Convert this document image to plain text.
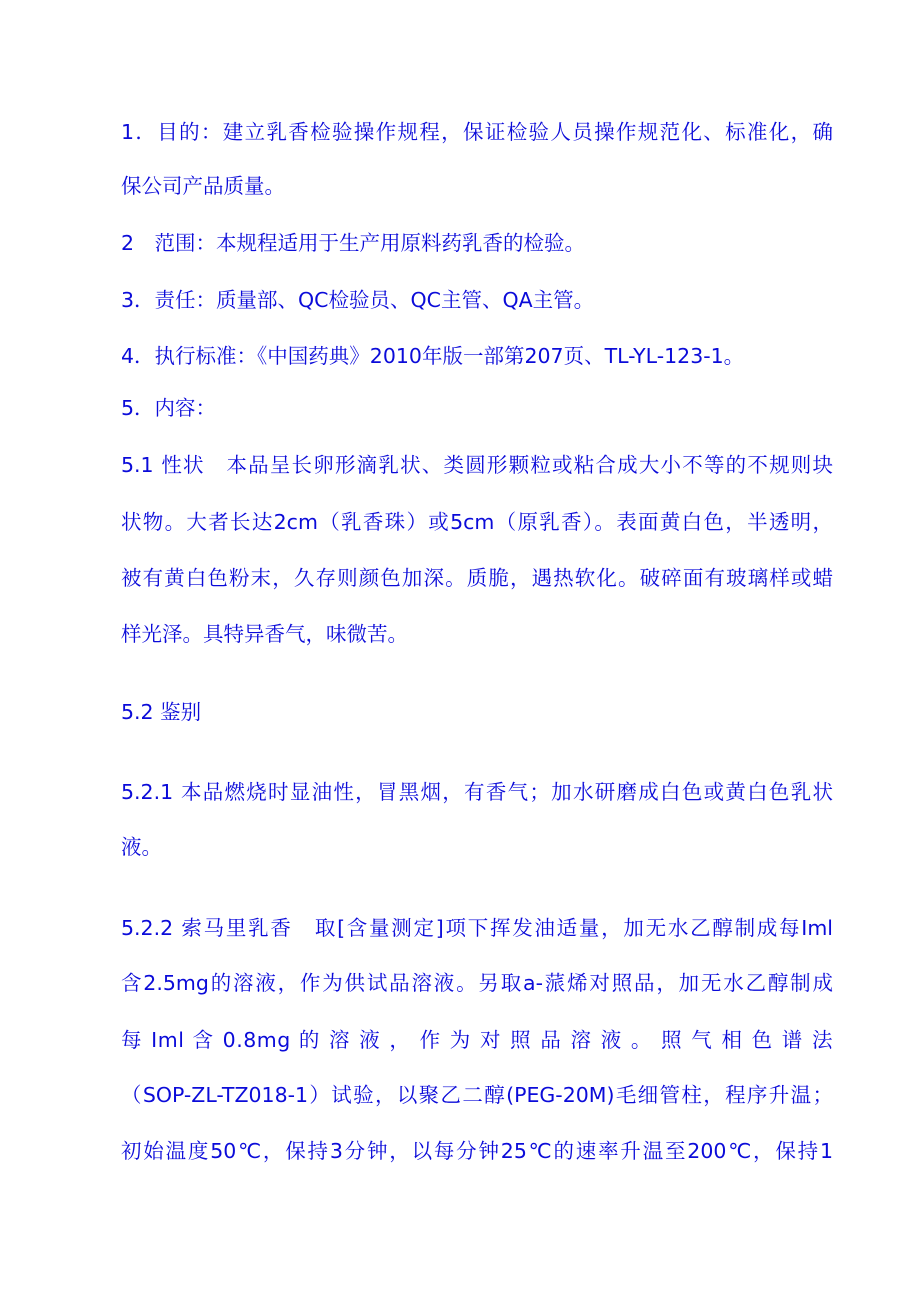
1．目的：建立乳香检验操作规程，保证检验人员操作规范化、标准化，确

保公司产品质量。

2　范围：本规程适用于生产用原料药乳香的检验。

3．责任：质量部、QC检验员、QC主管、QA主管。

4．执行标准：《中国药典》2010年版一部第207页、TL-YL-123-1。

5．内容：

5.1 性状　本品呈长卵形滴乳状、类圆形颗粒或粘合成大小不等的不规则块

状物。大者长达2cm（乳香珠）或5cm（原乳香）。表面黄白色，半透明，

被有黄白色粉末，久存则颜色加深。质脆，遇热软化。破碎面有玻璃样或蜡

样光泽。具特异香气，味微苦。

5.2 鉴别

5.2.1 本品燃烧时显油性，冒黑烟，有香气；加水研磨成白色或黄白色乳状

液。

5.2.2 索马里乳香　取[含量测定]项下挥发油适量，加无水乙醇制成每Iml

含2.5mg的溶液，作为供试品溶液。另取a-蒎烯对照品，加无水乙醇制成

每 Iml 含 0.8mg 的 溶 液 ， 作 为 对 照 品 溶 液 。 照 气 相 色 谱 法

（SOP-ZL-TZ018-1）试验，以聚乙二醇(PEG-20M)毛细管柱，程序升温；

初始温度50℃，保持3分钟，以每分钟25℃的速率升温至200℃，保持1
